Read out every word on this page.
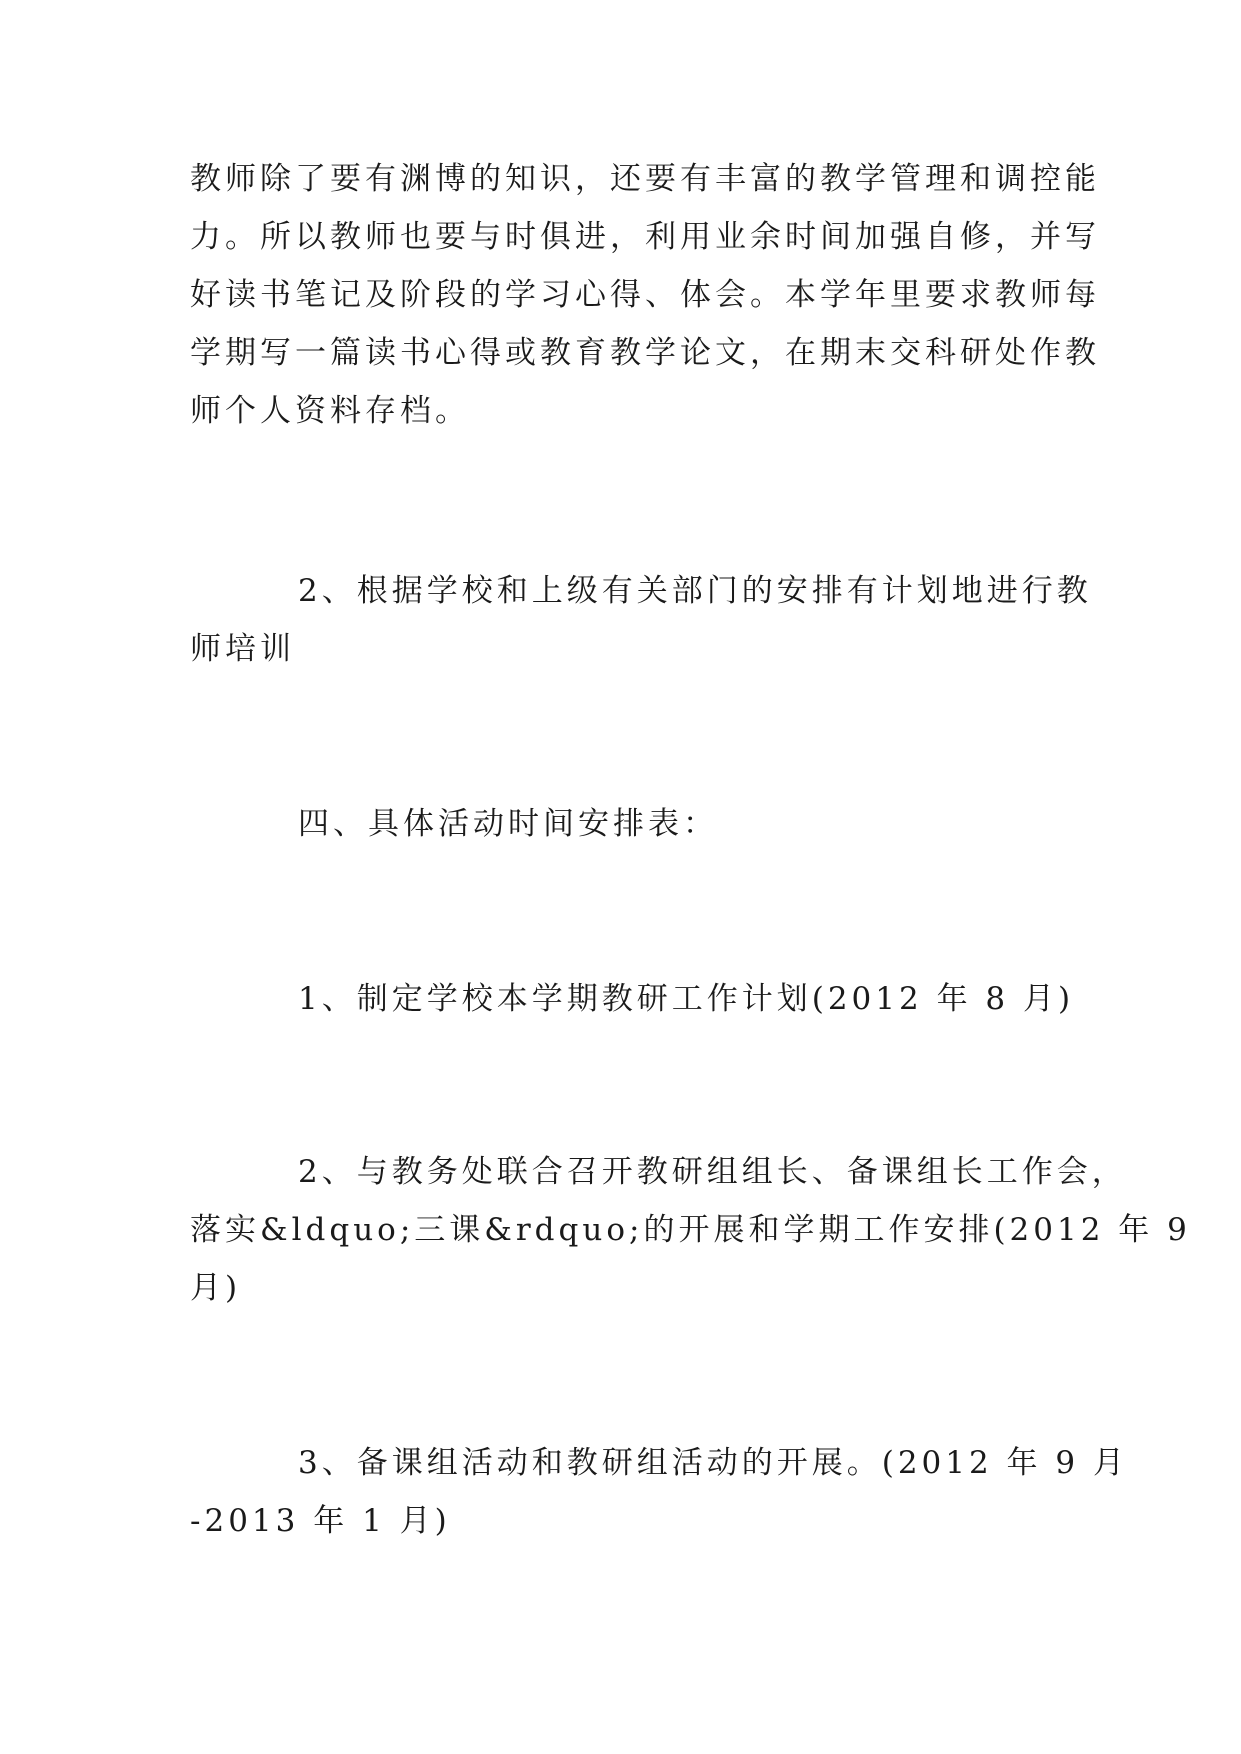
教师除了要有渊博的知识，还要有丰富的教学管理和调控能
力。所以教师也要与时俱进，利用业余时间加强自修，并写
好读书笔记及阶段的学习心得、体会。本学年里要求教师每
学期写一篇读书心得或教育教学论文，在期末交科研处作教
师个人资料存档。

2、根据学校和上级有关部门的安排有计划地进行教
师培训

四、具体活动时间安排表：

1、制定学校本学期教研工作计划(2012 年 8 月)

2、与教务处联合召开教研组组长、备课组长工作会，
落实&ldquo;三课&rdquo;的开展和学期工作安排(2012 年 9
月)

3、备课组活动和教研组活动的开展。(2012 年 9 月
-2013 年 1 月)
